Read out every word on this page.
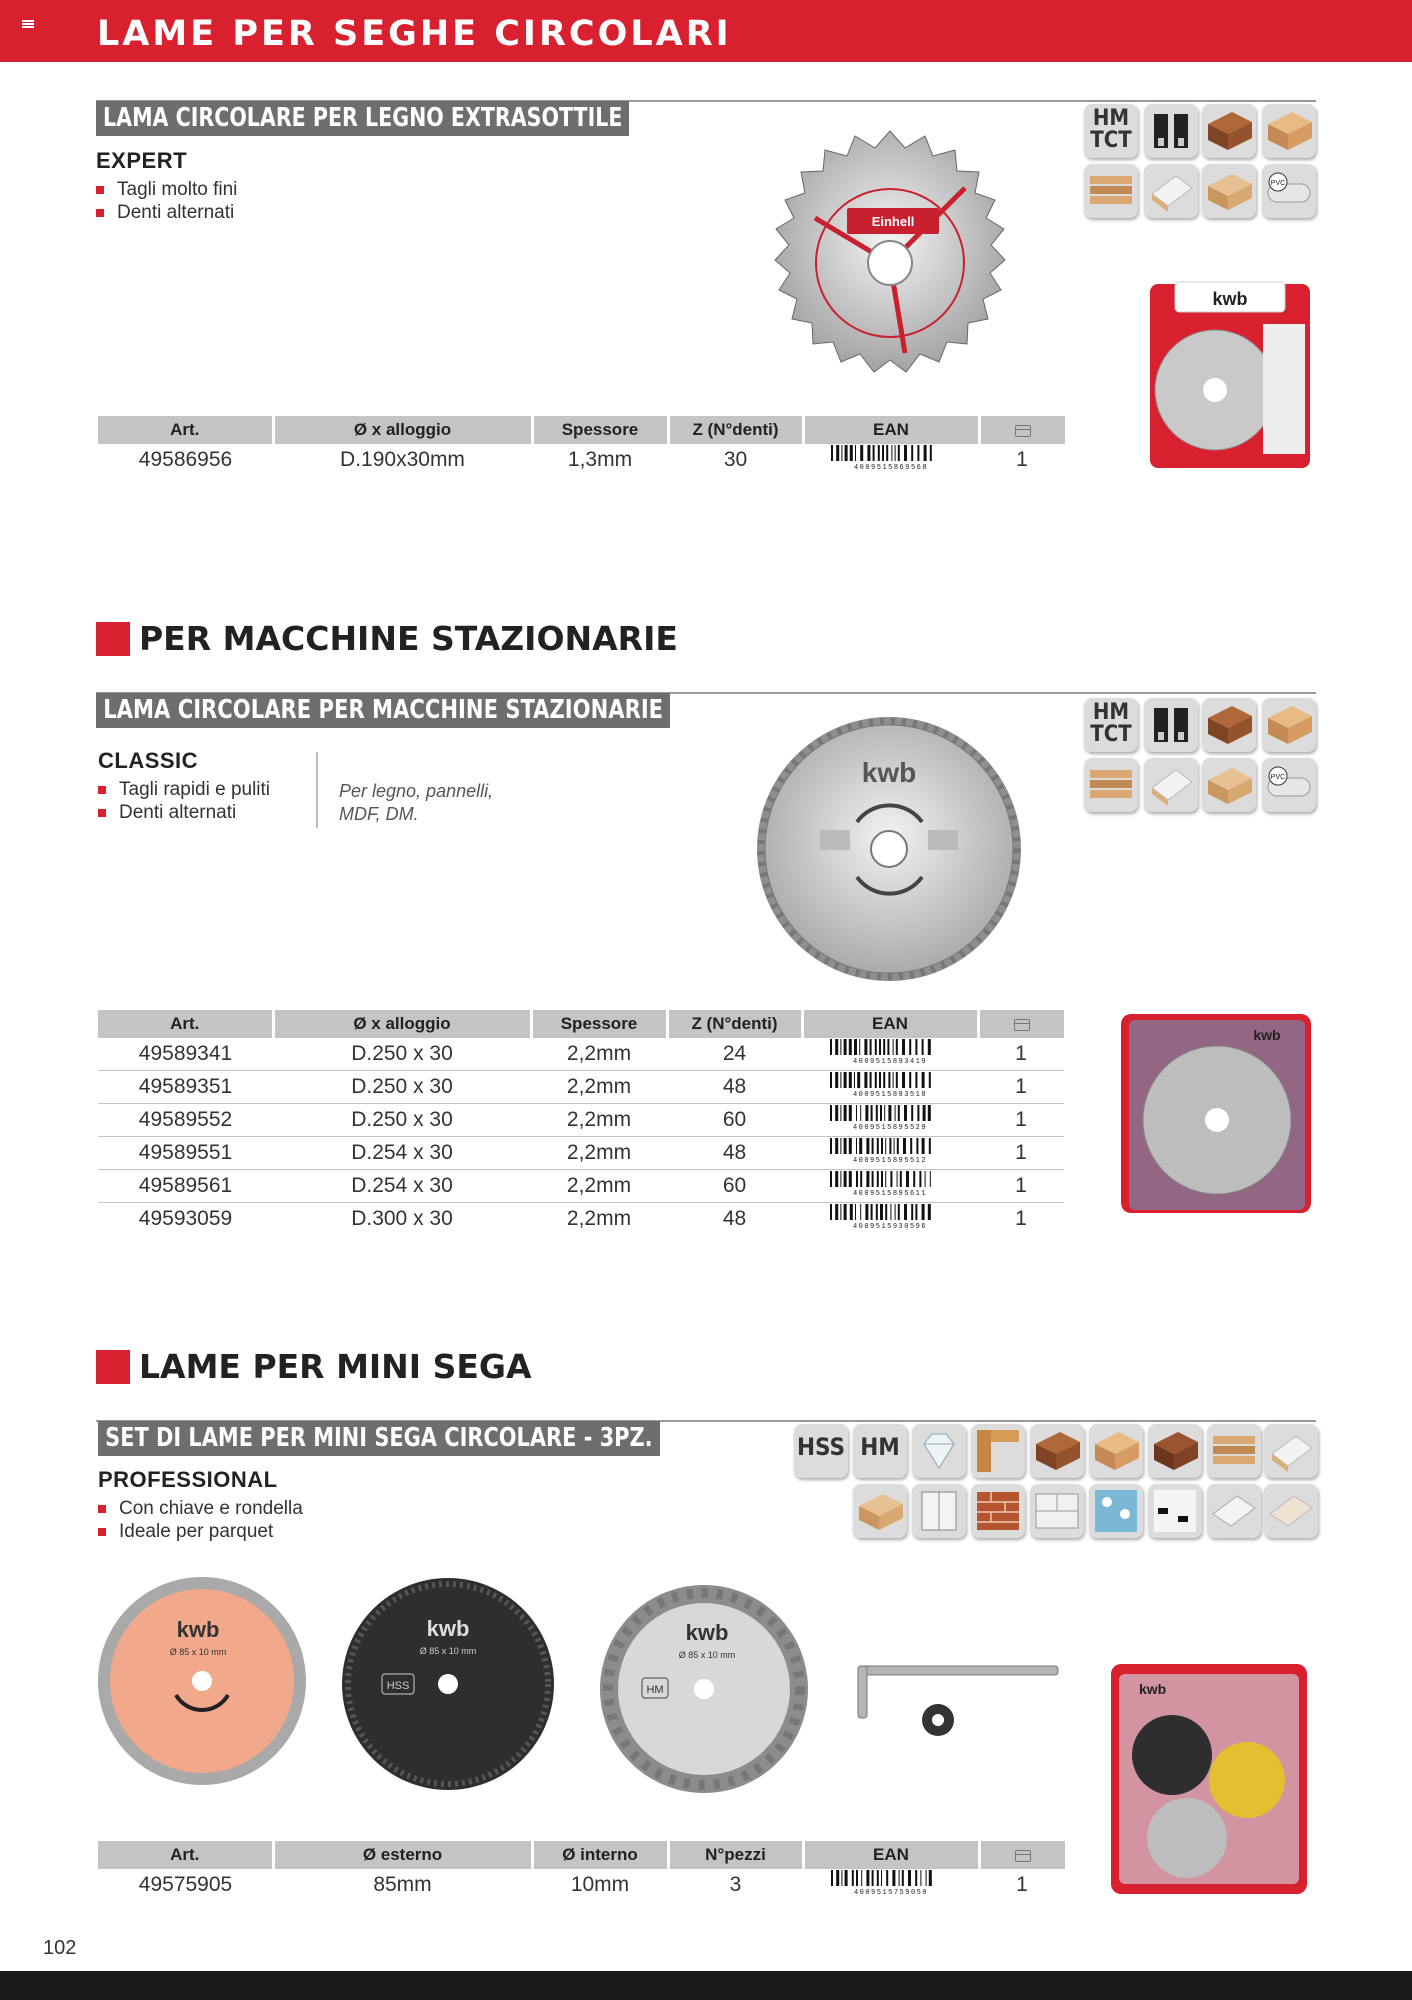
LAME PER SEGHE CIRCOLARI
LAMA CIRCOLARE PER LEGNO EXTRASOTTILE
EXPERT
Tagli molto fini
Denti alternati	Einhell
HM
TCT
PVC
kwb
Art.	Ø x alloggio	Spessore	Z (N°denti)	EAN	
49586956	D.190x30mm	1,3mm	30	4009515869568	1
PER MACCHINE STAZIONARIE
LAMA CIRCOLARE PER MACCHINE STAZIONARIE
CLASSIC
Tagli rapidi e puliti
Denti alternati
Per legno, pannelli, MDF, DM.
kwb
HM
TCT
PVC
kwb
Art.	Ø x alloggio	Spessore	Z (N°denti)	EAN	
49589341	D.250 x 30	2,2mm	24	4009515893419	1
49589351	D.250 x 30	2,2mm	48	4009515893518	1
49589552	D.250 x 30	2,2mm	60	4009515895529	1
49589551	D.254 x 30	2,2mm	48	4009515895512	1
49589561	D.254 x 30	2,2mm	60	4009515895611	1
49593059	D.300 x 30	2,2mm	48	4009515930596	1
LAME PER MINI SEGA
SET DI LAME PER MINI SEGA CIRCOLARE - 3PZ.
PROFESSIONAL
Con chiave e rondella
Ideale per parquet
HSS HM
kwb
Ø 85 x 10 mm
kwb
Ø 85 x 10 mm
HSS
kwb
Ø 85 x 10 mm
HM	kwb
Art.	Ø esterno	Ø interno	N°pezzi	EAN	
49575905	85mm	10mm	3	4009515759050	1
102
